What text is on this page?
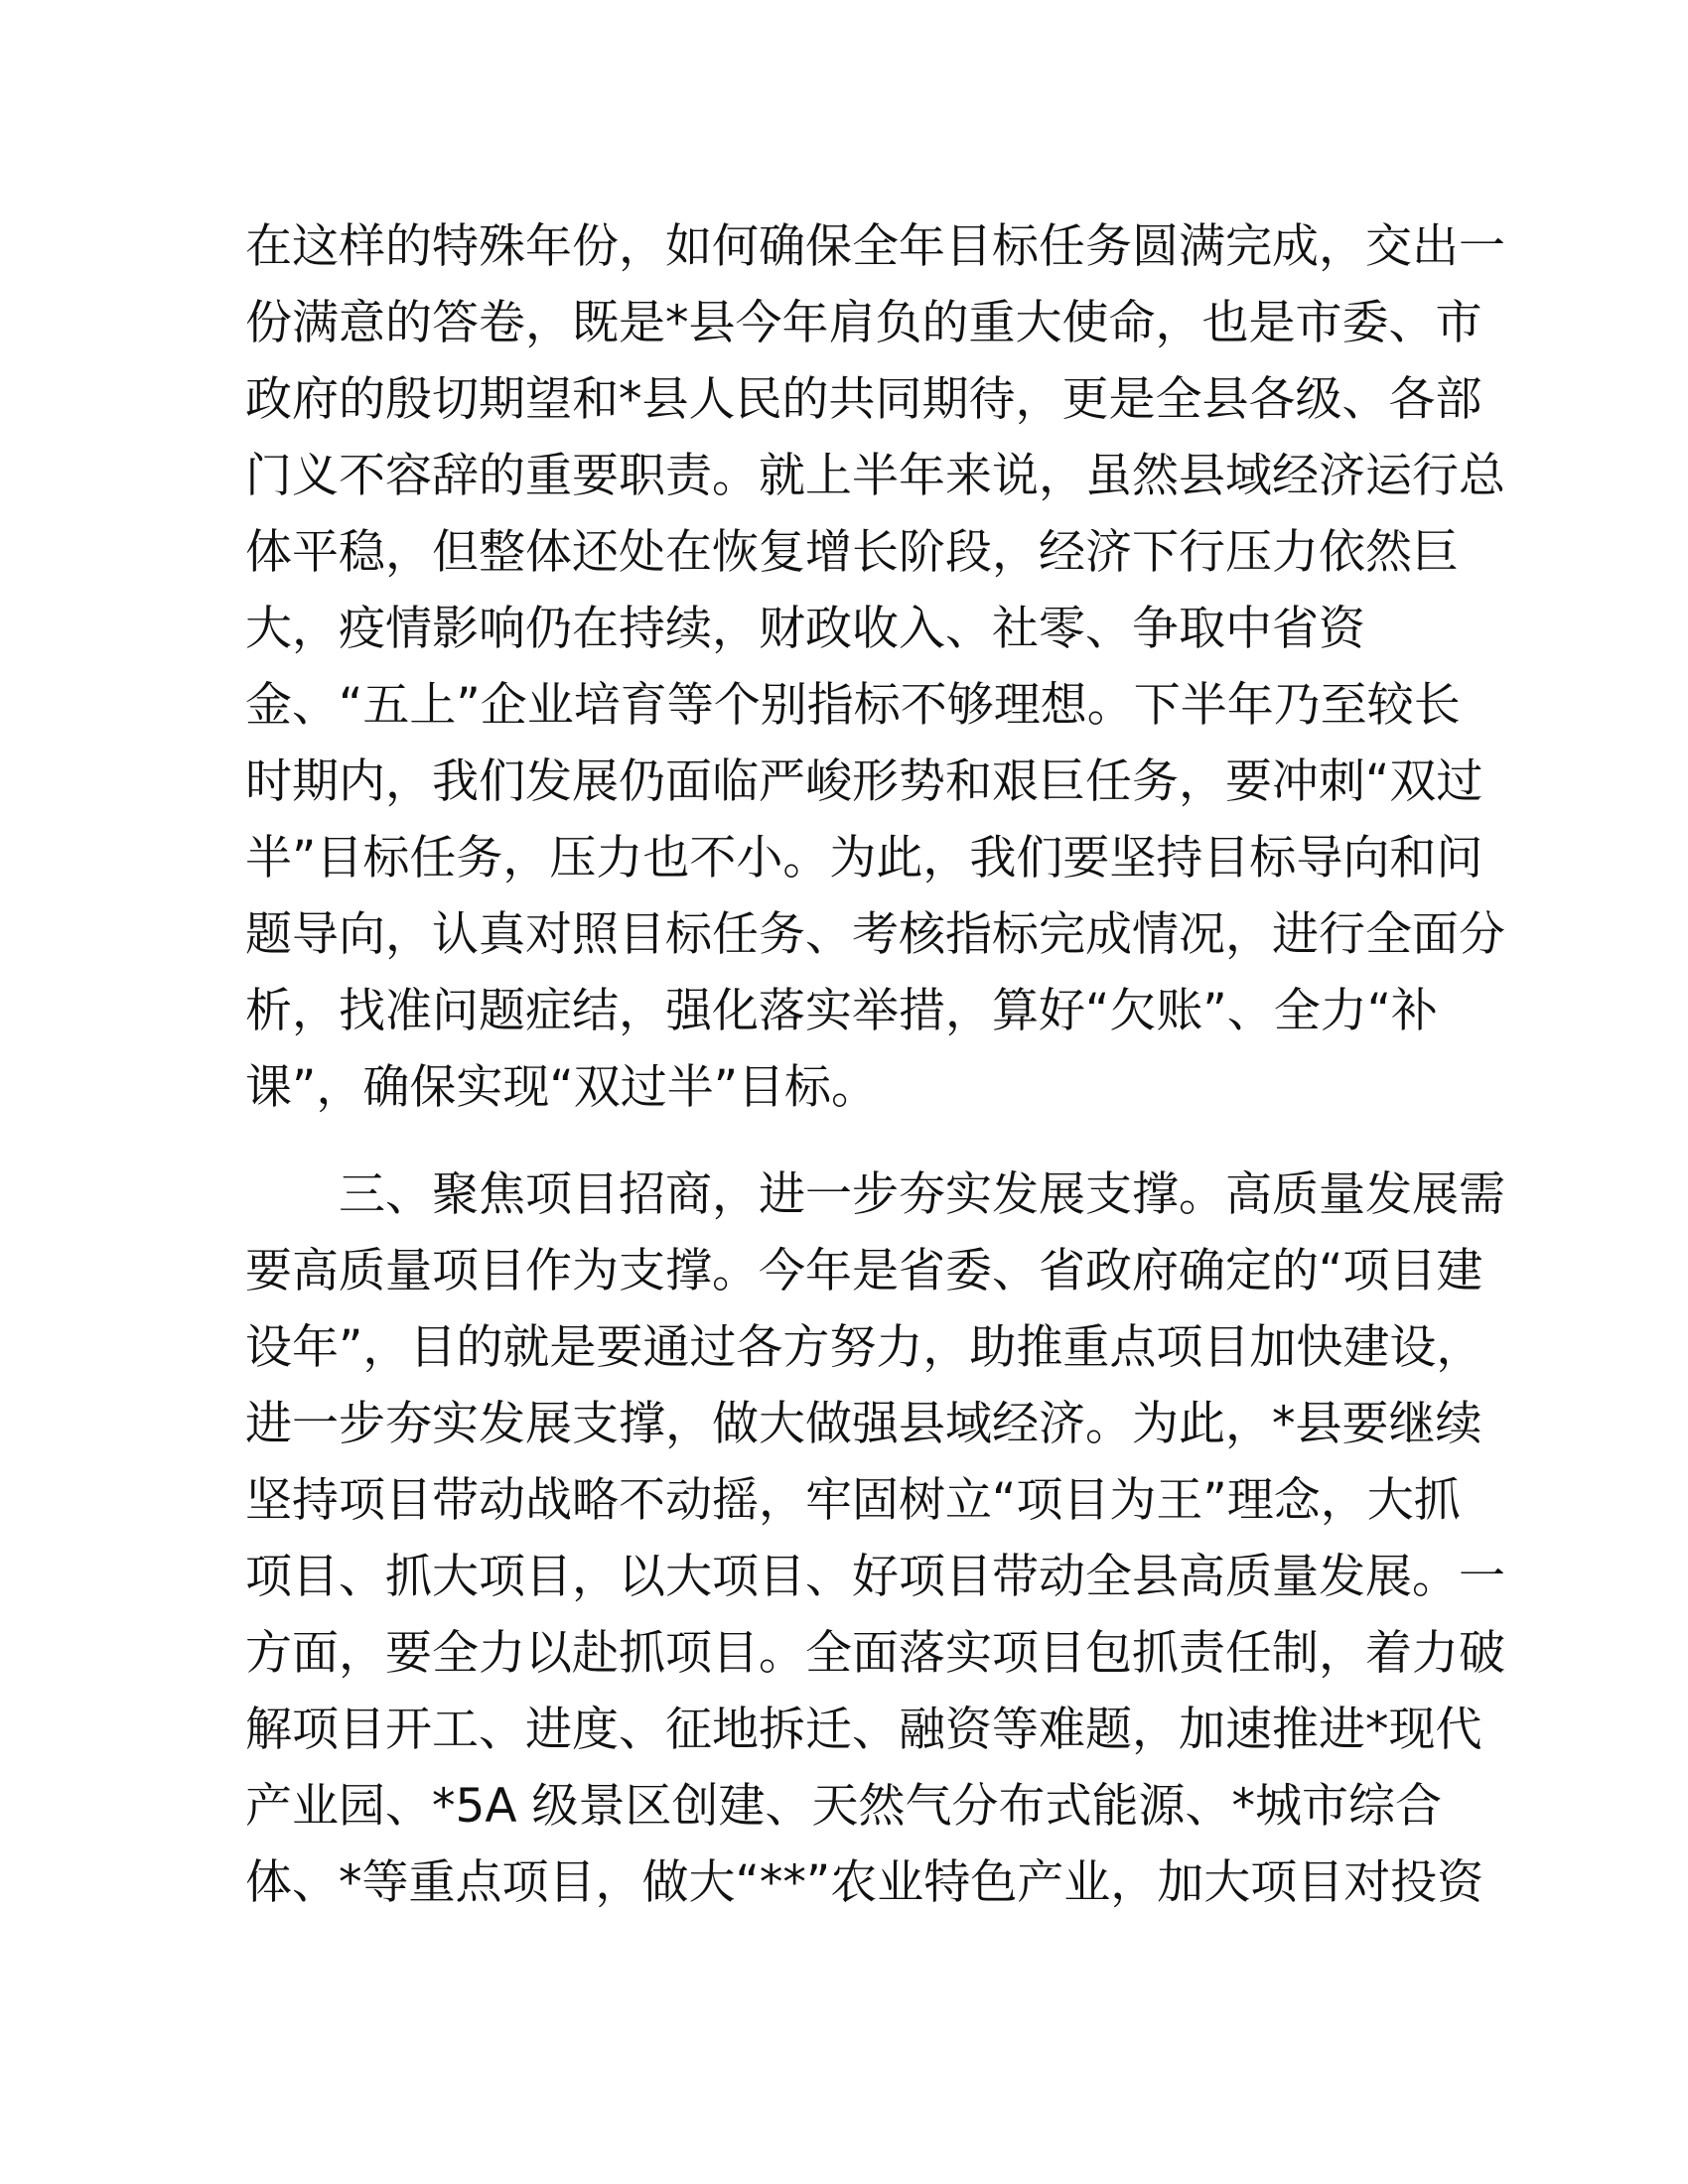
在这样的特殊年份，如何确保全年目标任务圆满完成，交出一
份满意的答卷，既是*县今年肩负的重大使命，也是市委、市
政府的殷切期望和*县人民的共同期待，更是全县各级、各部
门义不容辞的重要职责。就上半年来说，虽然县域经济运行总
体平稳，但整体还处在恢复增长阶段，经济下行压力依然巨
大，疫情影响仍在持续，财政收入、社零、争取中省资
金、“五上”企业培育等个别指标不够理想。下半年乃至较长
时期内，我们发展仍面临严峻形势和艰巨任务，要冲刺“双过
半”目标任务，压力也不小。为此，我们要坚持目标导向和问
题导向，认真对照目标任务、考核指标完成情况，进行全面分
析，找准问题症结，强化落实举措，算好“欠账”、全力“补
课”，确保实现“双过半”目标。
　　三、聚焦项目招商，进一步夯实发展支撑。高质量发展需
要高质量项目作为支撑。今年是省委、省政府确定的“项目建
设年”，目的就是要通过各方努力，助推重点项目加快建设，
进一步夯实发展支撑，做大做强县域经济。为此，*县要继续
坚持项目带动战略不动摇，牢固树立“项目为王”理念，大抓
项目、抓大项目，以大项目、好项目带动全县高质量发展。一
方面，要全力以赴抓项目。全面落实项目包抓责任制，着力破
解项目开工、进度、征地拆迁、融资等难题，加速推进*现代
产业园、*5A 级景区创建、天然气分布式能源、*城市综合
体、*等重点项目，做大“**”农业特色产业，加大项目对投资
